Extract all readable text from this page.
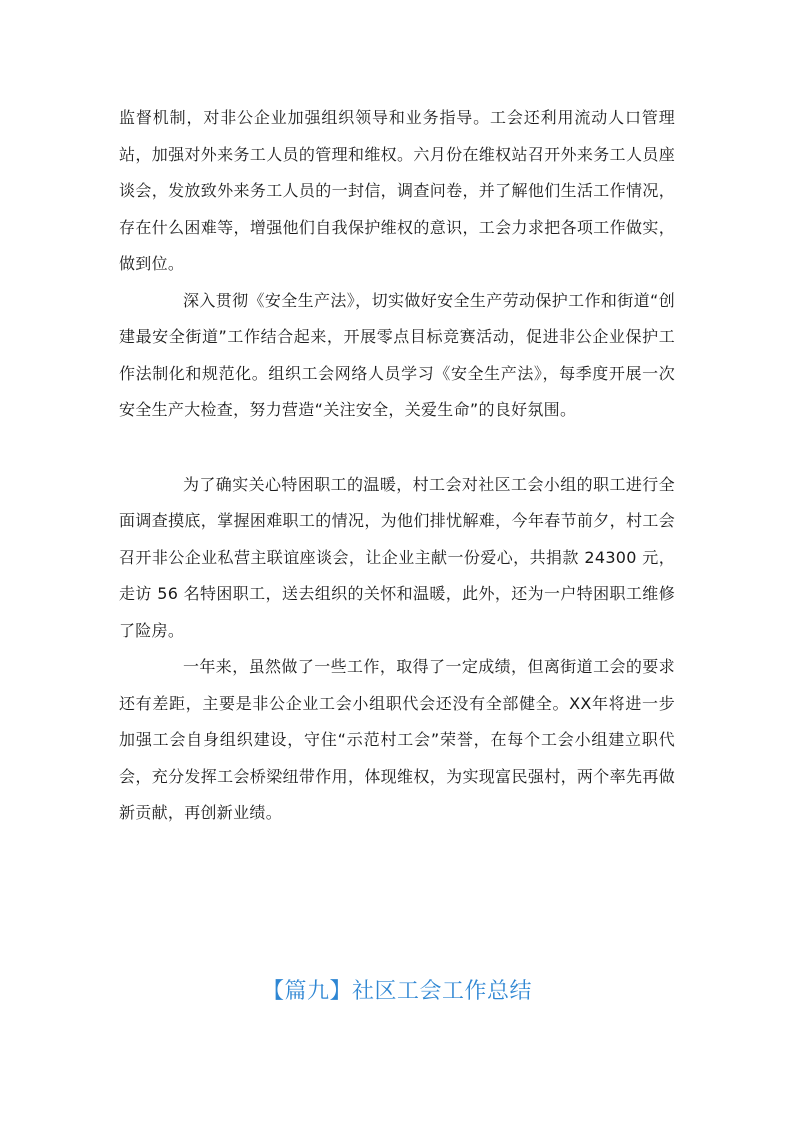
监督机制，对非公企业加强组织领导和业务指导。工会还利用流动人口管理站，加强对外来务工人员的管理和维权。六月份在维权站召开外来务工人员座谈会，发放致外来务工人员的一封信，调查问卷，并了解他们生活工作情况，存在什么困难等，增强他们自我保护维权的意识，工会力求把各项工作做实，做到位。

深入贯彻《安全生产法》，切实做好安全生产劳动保护工作和街道“创建最安全街道”工作结合起来，开展零点目标竞赛活动，促进非公企业保护工作法制化和规范化。组织工会网络人员学习《安全生产法》，每季度开展一次安全生产大检查，努力营造“关注安全，关爱生命”的良好氛围。

为了确实关心特困职工的温暖，村工会对社区工会小组的职工进行全面调查摸底，掌握困难职工的情况，为他们排忧解难，今年春节前夕，村工会召开非公企业私营主联谊座谈会，让企业主献一份爱心，共捐款 24300 元，走访 56 名特困职工，送去组织的关怀和温暖，此外，还为一户特困职工维修了险房。

一年来，虽然做了一些工作，取得了一定成绩，但离街道工会的要求还有差距，主要是非公企业工会小组职代会还没有全部健全。XX年将进一步加强工会自身组织建设，守住“示范村工会”荣誉，在每个工会小组建立职代会，充分发挥工会桥梁纽带作用，体现维权，为实现富民强村，两个率先再做新贡献，再创新业绩。

【篇九】社区工会工作总结
